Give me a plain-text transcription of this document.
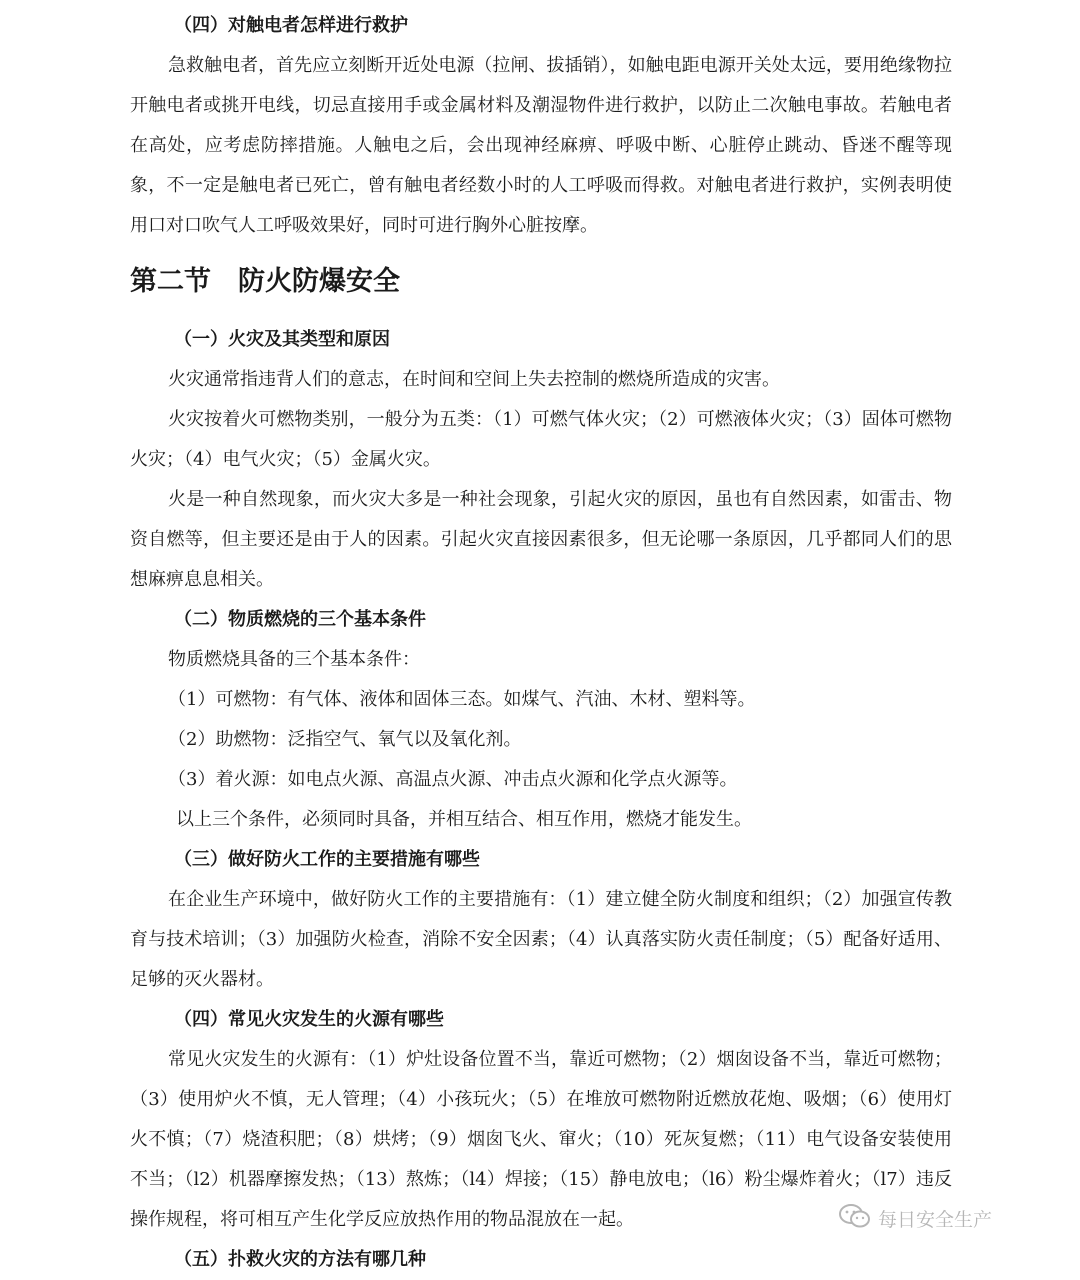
（四）对触电者怎样进行救护

急救触电者，首先应立刻断开近处电源（拉闸、拔插销），如触电距电源开关处太远，要用绝缘物拉开触电者或挑开电线，切忌直接用手或金属材料及潮湿物件进行救护，以防止二次触电事故。若触电者在高处，应考虑防摔措施。人触电之后，会出现神经麻痹、呼吸中断、心脏停止跳动、昏迷不醒等现象，不一定是触电者已死亡，曾有触电者经数小时的人工呼吸而得救。对触电者进行救护，实例表明使用口对口吹气人工呼吸效果好，同时可进行胸外心脏按摩。

第二节　防火防爆安全
（一）火灾及其类型和原因

火灾通常指违背人们的意志，在时间和空间上失去控制的燃烧所造成的灾害。

火灾按着火可燃物类别，一般分为五类：（1）可燃气体火灾；（2）可燃液体火灾；（3）固体可燃物火灾；（4）电气火灾；（5）金属火灾。

火是一种自然现象，而火灾大多是一种社会现象，引起火灾的原因，虽也有自然因素，如雷击、物资自燃等，但主要还是由于人的因素。引起火灾直接因素很多，但无论哪一条原因，几乎都同人们的思想麻痹息息相关。

（二）物质燃烧的三个基本条件
物质燃烧具备的三个基本条件：
（1）可燃物：有气体、液体和固体三态。如煤气、汽油、木材、塑料等。
（2）助燃物：泛指空气、氧气以及氧化剂。
（3）着火源：如电点火源、高温点火源、冲击点火源和化学点火源等。
以上三个条件，必须同时具备，并相互结合、相互作用，燃烧才能发生。
（三）做好防火工作的主要措施有哪些

在企业生产环境中，做好防火工作的主要措施有：（1）建立健全防火制度和组织；（2）加强宣传教育与技术培训；（3）加强防火检查，消除不安全因素；（4）认真落实防火责任制度；（5）配备好适用、足够的灭火器材。

（四）常见火灾发生的火源有哪些

常见火灾发生的火源有：（1）炉灶设备位置不当，靠近可燃物；（2）烟囱设备不当，靠近可燃物；（3）使用炉火不慎，无人管理；（4）小孩玩火；（5）在堆放可燃物附近燃放花炮、吸烟；（6）使用灯火不慎；（7）烧渣积肥；（8）烘烤；（9）烟囱飞火、窜火；（10）死灰复燃；（11）电气设备安装使用不当；（l2）机器摩擦发热；（13）熬炼；（l4）焊接；（15）静电放电；（l6）粉尘爆炸着火；（l7）违反操作规程，将可相互产生化学反应放热作用的物品混放在一起。

（五）扑救火灾的方法有哪几种
每日安全生产
